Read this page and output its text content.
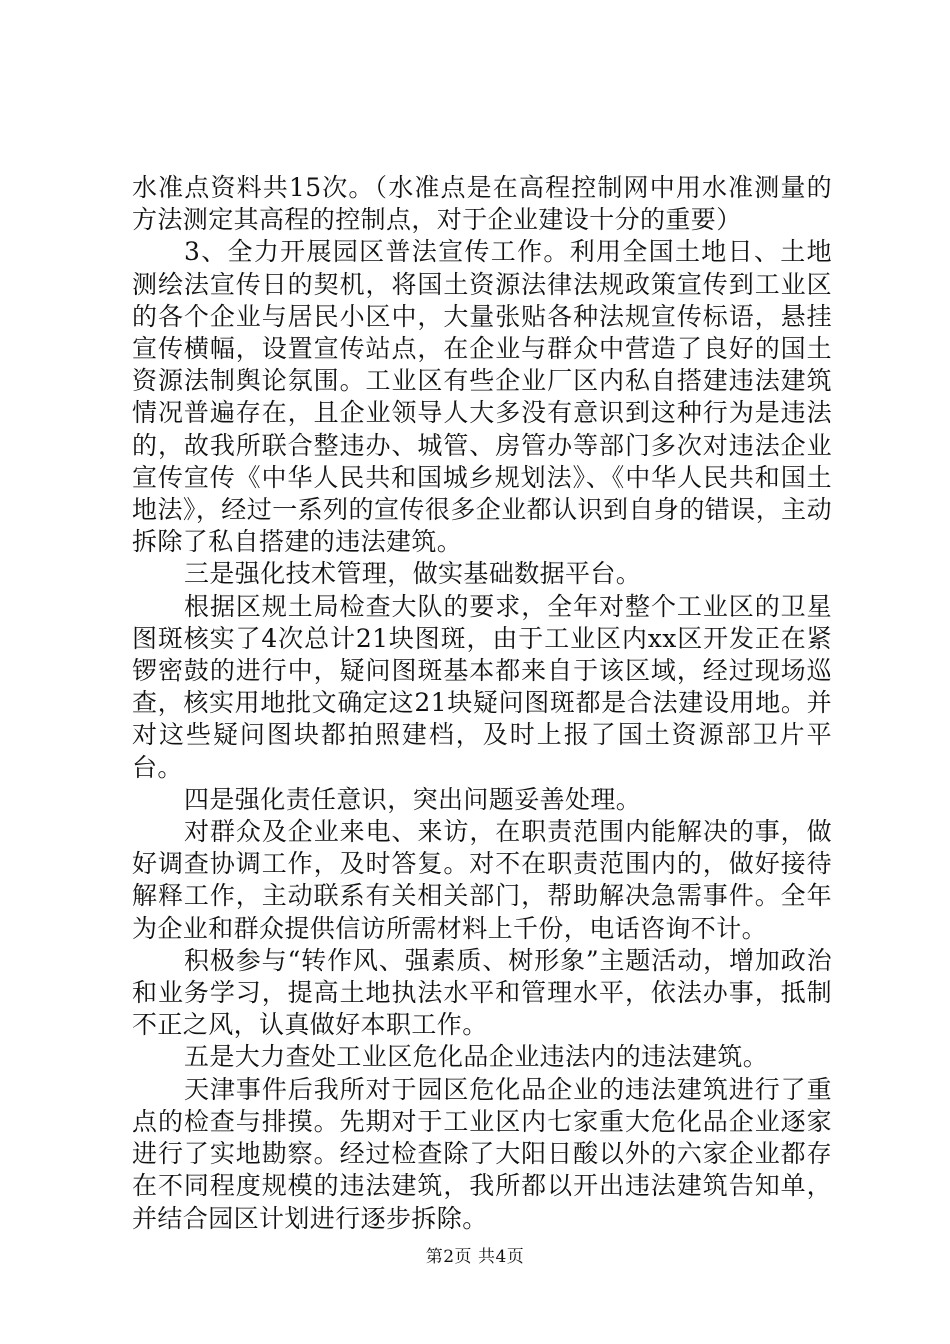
水准点资料共15次。（水准点是在高程控制网中用水准测量的方法测定其高程的控制点，对于企业建设十分的重要）

3、全力开展园区普法宣传工作。利用全国土地日、土地测绘法宣传日的契机，将国土资源法律法规政策宣传到工业区的各个企业与居民小区中，大量张贴各种法规宣传标语，悬挂宣传横幅，设置宣传站点，在企业与群众中营造了良好的国土资源法制舆论氛围。工业区有些企业厂区内私自搭建违法建筑情况普遍存在，且企业领导人大多没有意识到这种行为是违法的，故我所联合整违办、城管、房管办等部门多次对违法企业宣传宣传《中华人民共和国城乡规划法》、《中华人民共和国土地法》，经过一系列的宣传很多企业都认识到自身的错误，主动拆除了私自搭建的违法建筑。

三是强化技术管理，做实基础数据平台。

根据区规土局检查大队的要求，全年对整个工业区的卫星图斑核实了4次总计21块图斑，由于工业区内xx区开发正在紧锣密鼓的进行中，疑问图斑基本都来自于该区域，经过现场巡查，核实用地批文确定这21块疑问图斑都是合法建设用地。并对这些疑问图块都拍照建档，及时上报了国土资源部卫片平台。

四是强化责任意识，突出问题妥善处理。

对群众及企业来电、来访，在职责范围内能解决的事，做好调查协调工作，及时答复。对不在职责范围内的，做好接待解释工作，主动联系有关相关部门，帮助解决急需事件。全年为企业和群众提供信访所需材料上千份，电话咨询不计。

积极参与“转作风、强素质、树形象”主题活动，增加政治和业务学习，提高土地执法水平和管理水平，依法办事，抵制不正之风，认真做好本职工作。

五是大力查处工业区危化品企业违法内的违法建筑。

天津事件后我所对于园区危化品企业的违法建筑进行了重点的检查与排摸。先期对于工业区内七家重大危化品企业逐家进行了实地勘察。经过检查除了大阳日酸以外的六家企业都存在不同程度规模的违法建筑，我所都以开出违法建筑告知单，并结合园区计划进行逐步拆除。

第2页 共4页
